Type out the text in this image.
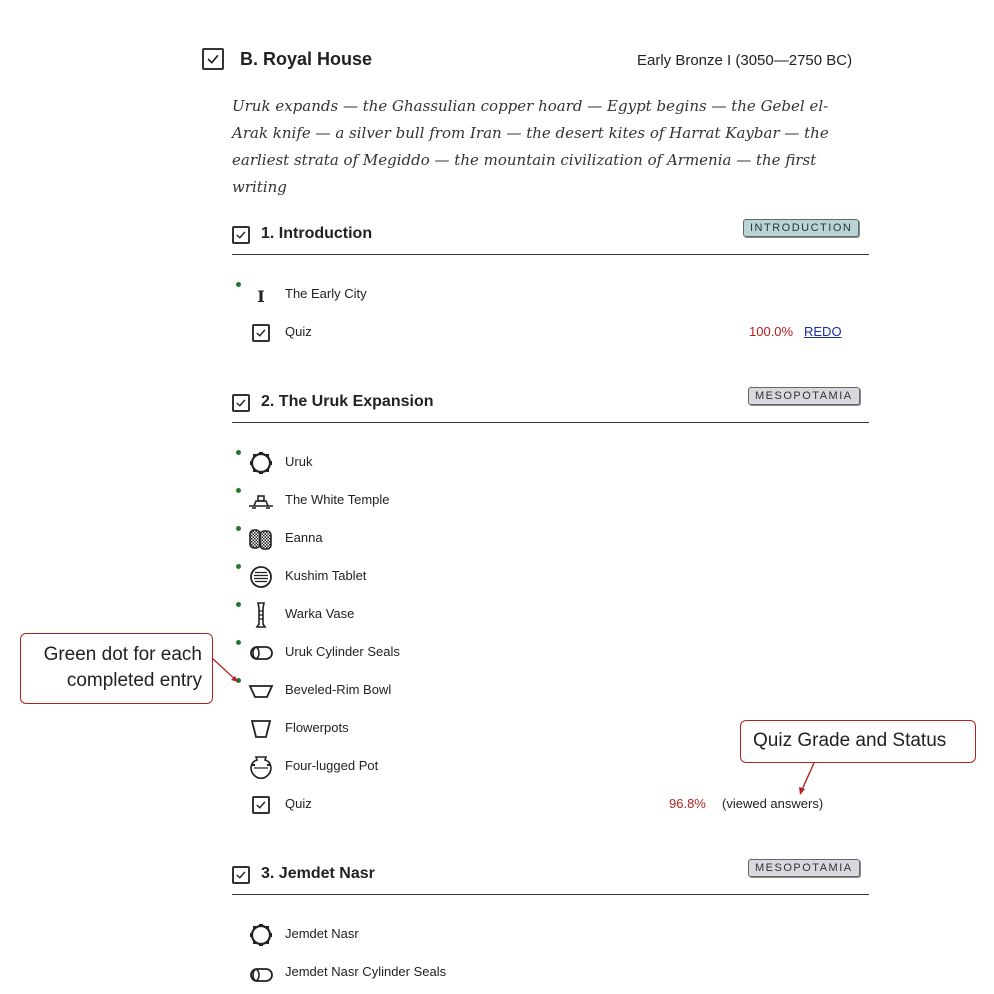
B. Royal House	Early Bronze I (3050—2750 BC)
Uruk expands — the Ghassulian copper hoard — Egypt begins — the Gebel el-Arak knife — a silver bull from Iran — the desert kites of Harrat Kaybar — the earliest strata of Megiddo — the mountain civilization of Armenia — the first writing
1. Introduction	INTRODUCTION
I The Early City
Quiz	100.0% REDO
2. The Uruk Expansion	MESOPOTAMIA
Uruk
The White Temple
Eanna
Kushim Tablet
Warka Vase
Uruk Cylinder Seals
Beveled-Rim Bowl
Flowerpots
Four-lugged Pot
Quiz	96.8% (viewed answers)
3. Jemdet Nasr	MESOPOTAMIA
Jemdet Nasr
Jemdet Nasr Cylinder Seals
Green dot for each completed entry
Quiz Grade and Status
